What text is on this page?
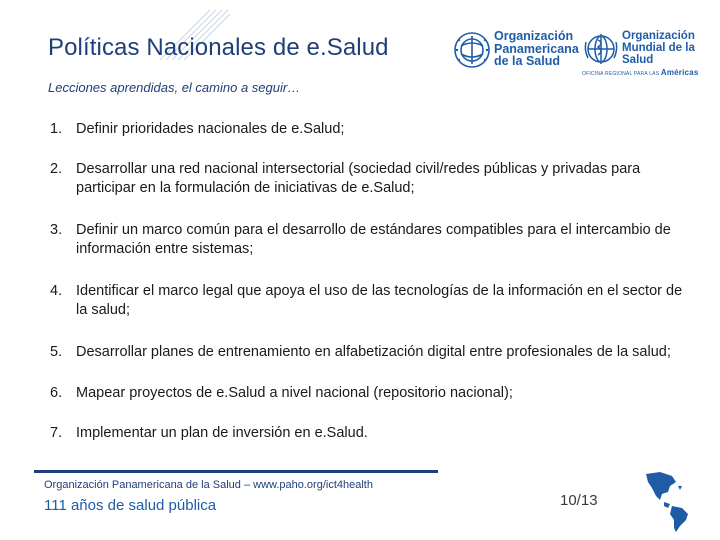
Políticas Nacionales de e.Salud
Lecciones aprendidas, el camino a seguir…
Organización
Panamericana
de la Salud
Organización
Mundial de la Salud
OFICINA REGIONAL PARA LAS Américas
1. Definir prioridades nacionales de e.Salud;
2. Desarrollar una red nacional intersectorial (sociedad civil/redes públicas y privadas para participar en la formulación de iniciativas de e.Salud;
3. Definir un marco común para el desarrollo de estándares compatibles para el intercambio de información entre sistemas;
4. Identificar el marco legal que apoya el uso de las tecnologías de la información en el sector de la salud;
5. Desarrollar planes de entrenamiento en alfabetización digital entre profesionales de la salud;
6. Mapear proyectos de e.Salud a nivel nacional (repositorio nacional);
7. Implementar un plan de inversión en e.Salud.
Organización Panamericana de la Salud – www.paho.org/ict4health
111 años de salud pública	10/13
